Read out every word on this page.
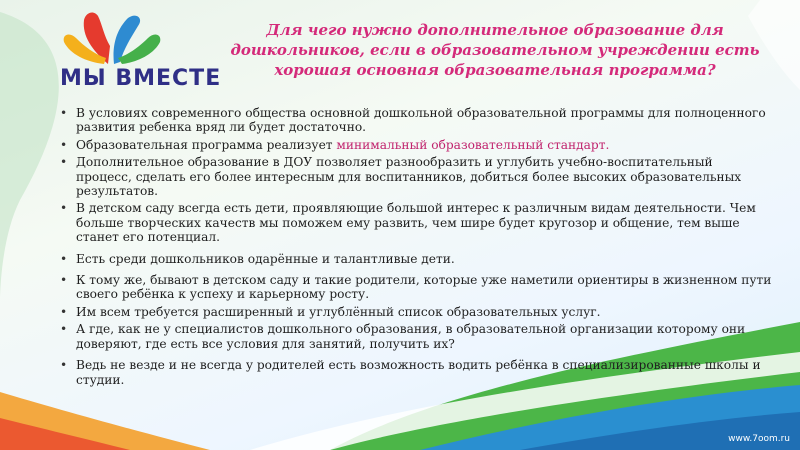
МЫ ВМЕСТЕ
Для чего нужно дополнительное образование для дошкольников, если в образовательном учреждении есть хорошая основная образовательная программа?
• В условиях современного общества основной дошкольной образовательной программы для полноценного развития ребенка вряд ли будет достаточно.
• Образовательная программа реализует минимальный образовательный стандарт.
• Дополнительное образование в ДОУ позволяет разнообразить и углубить учебно-воспитательный процесс, сделать его более интересным для воспитанников, добиться более высоких образовательных результатов.
• В детском саду всегда есть дети, проявляющие большой интерес к различным видам деятельности. Чем больше творческих качеств мы поможем ему развить, чем шире будет кругозор и общение, тем выше станет его потенциал.
• Есть среди дошкольников одарённые и талантливые дети.
• К тому же, бывают в детском саду и такие родители, которые уже наметили ориентиры в жизненном пути своего ребёнка к успеху и карьерному росту.
• Им всем требуется расширенный и углублённый список образовательных услуг.
• А где, как не у специалистов дошкольного образования, в образовательной организации которому они доверяют, где есть все условия для занятий, получить их?
• Ведь не везде и не всегда у родителей есть возможность водить ребёнка в специализированные школы и студии.
www.7oom.ru
